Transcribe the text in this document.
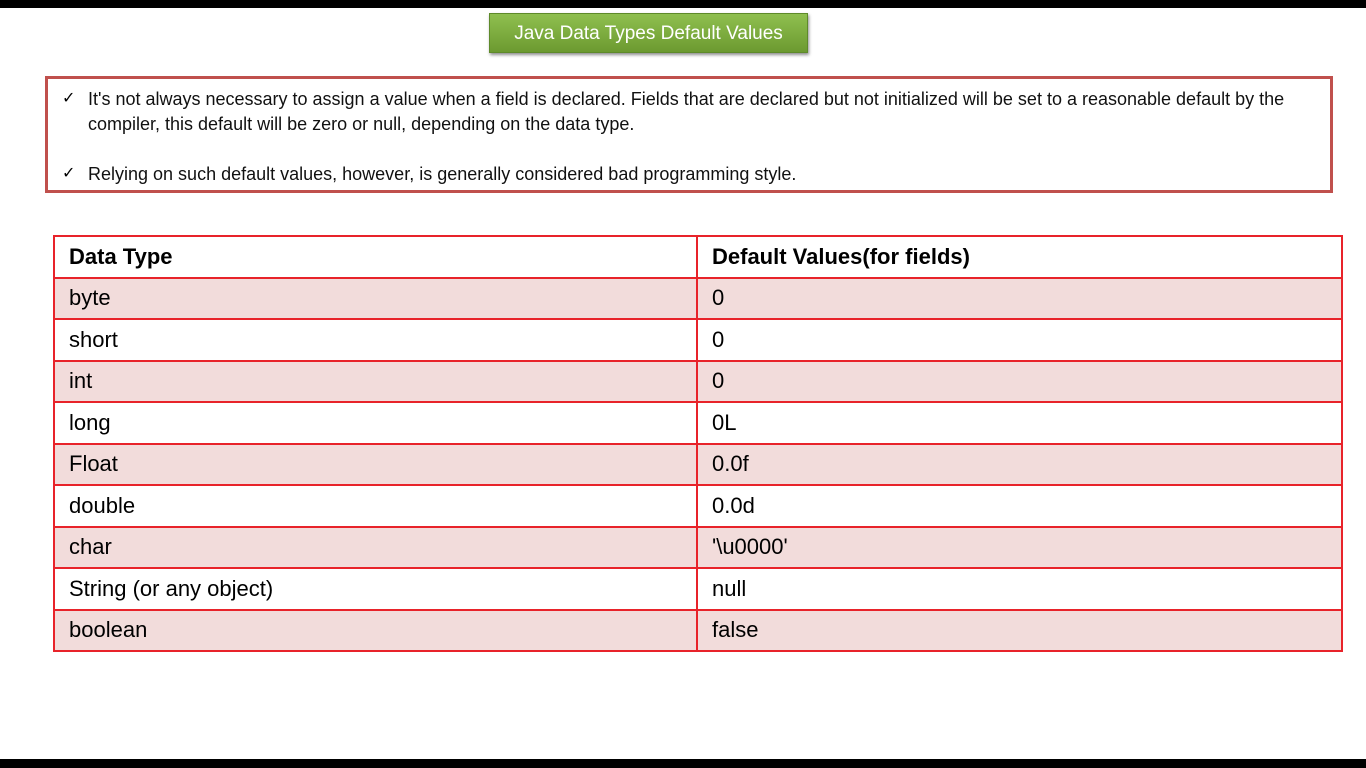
Java Data Types Default Values
✓ It's not always necessary to assign a value when a field is declared. Fields that are declared but not initialized will be set to a reasonable default by the compiler, this default will be zero or null, depending on the data type.
✓ Relying on such default values, however, is generally considered bad programming style.
Data Type	Default Values(for fields)
byte	0
short	0
int	0
long	0L
Float	0.0f
double	0.0d
char	'\u0000'
String (or any object)	null
boolean	false
